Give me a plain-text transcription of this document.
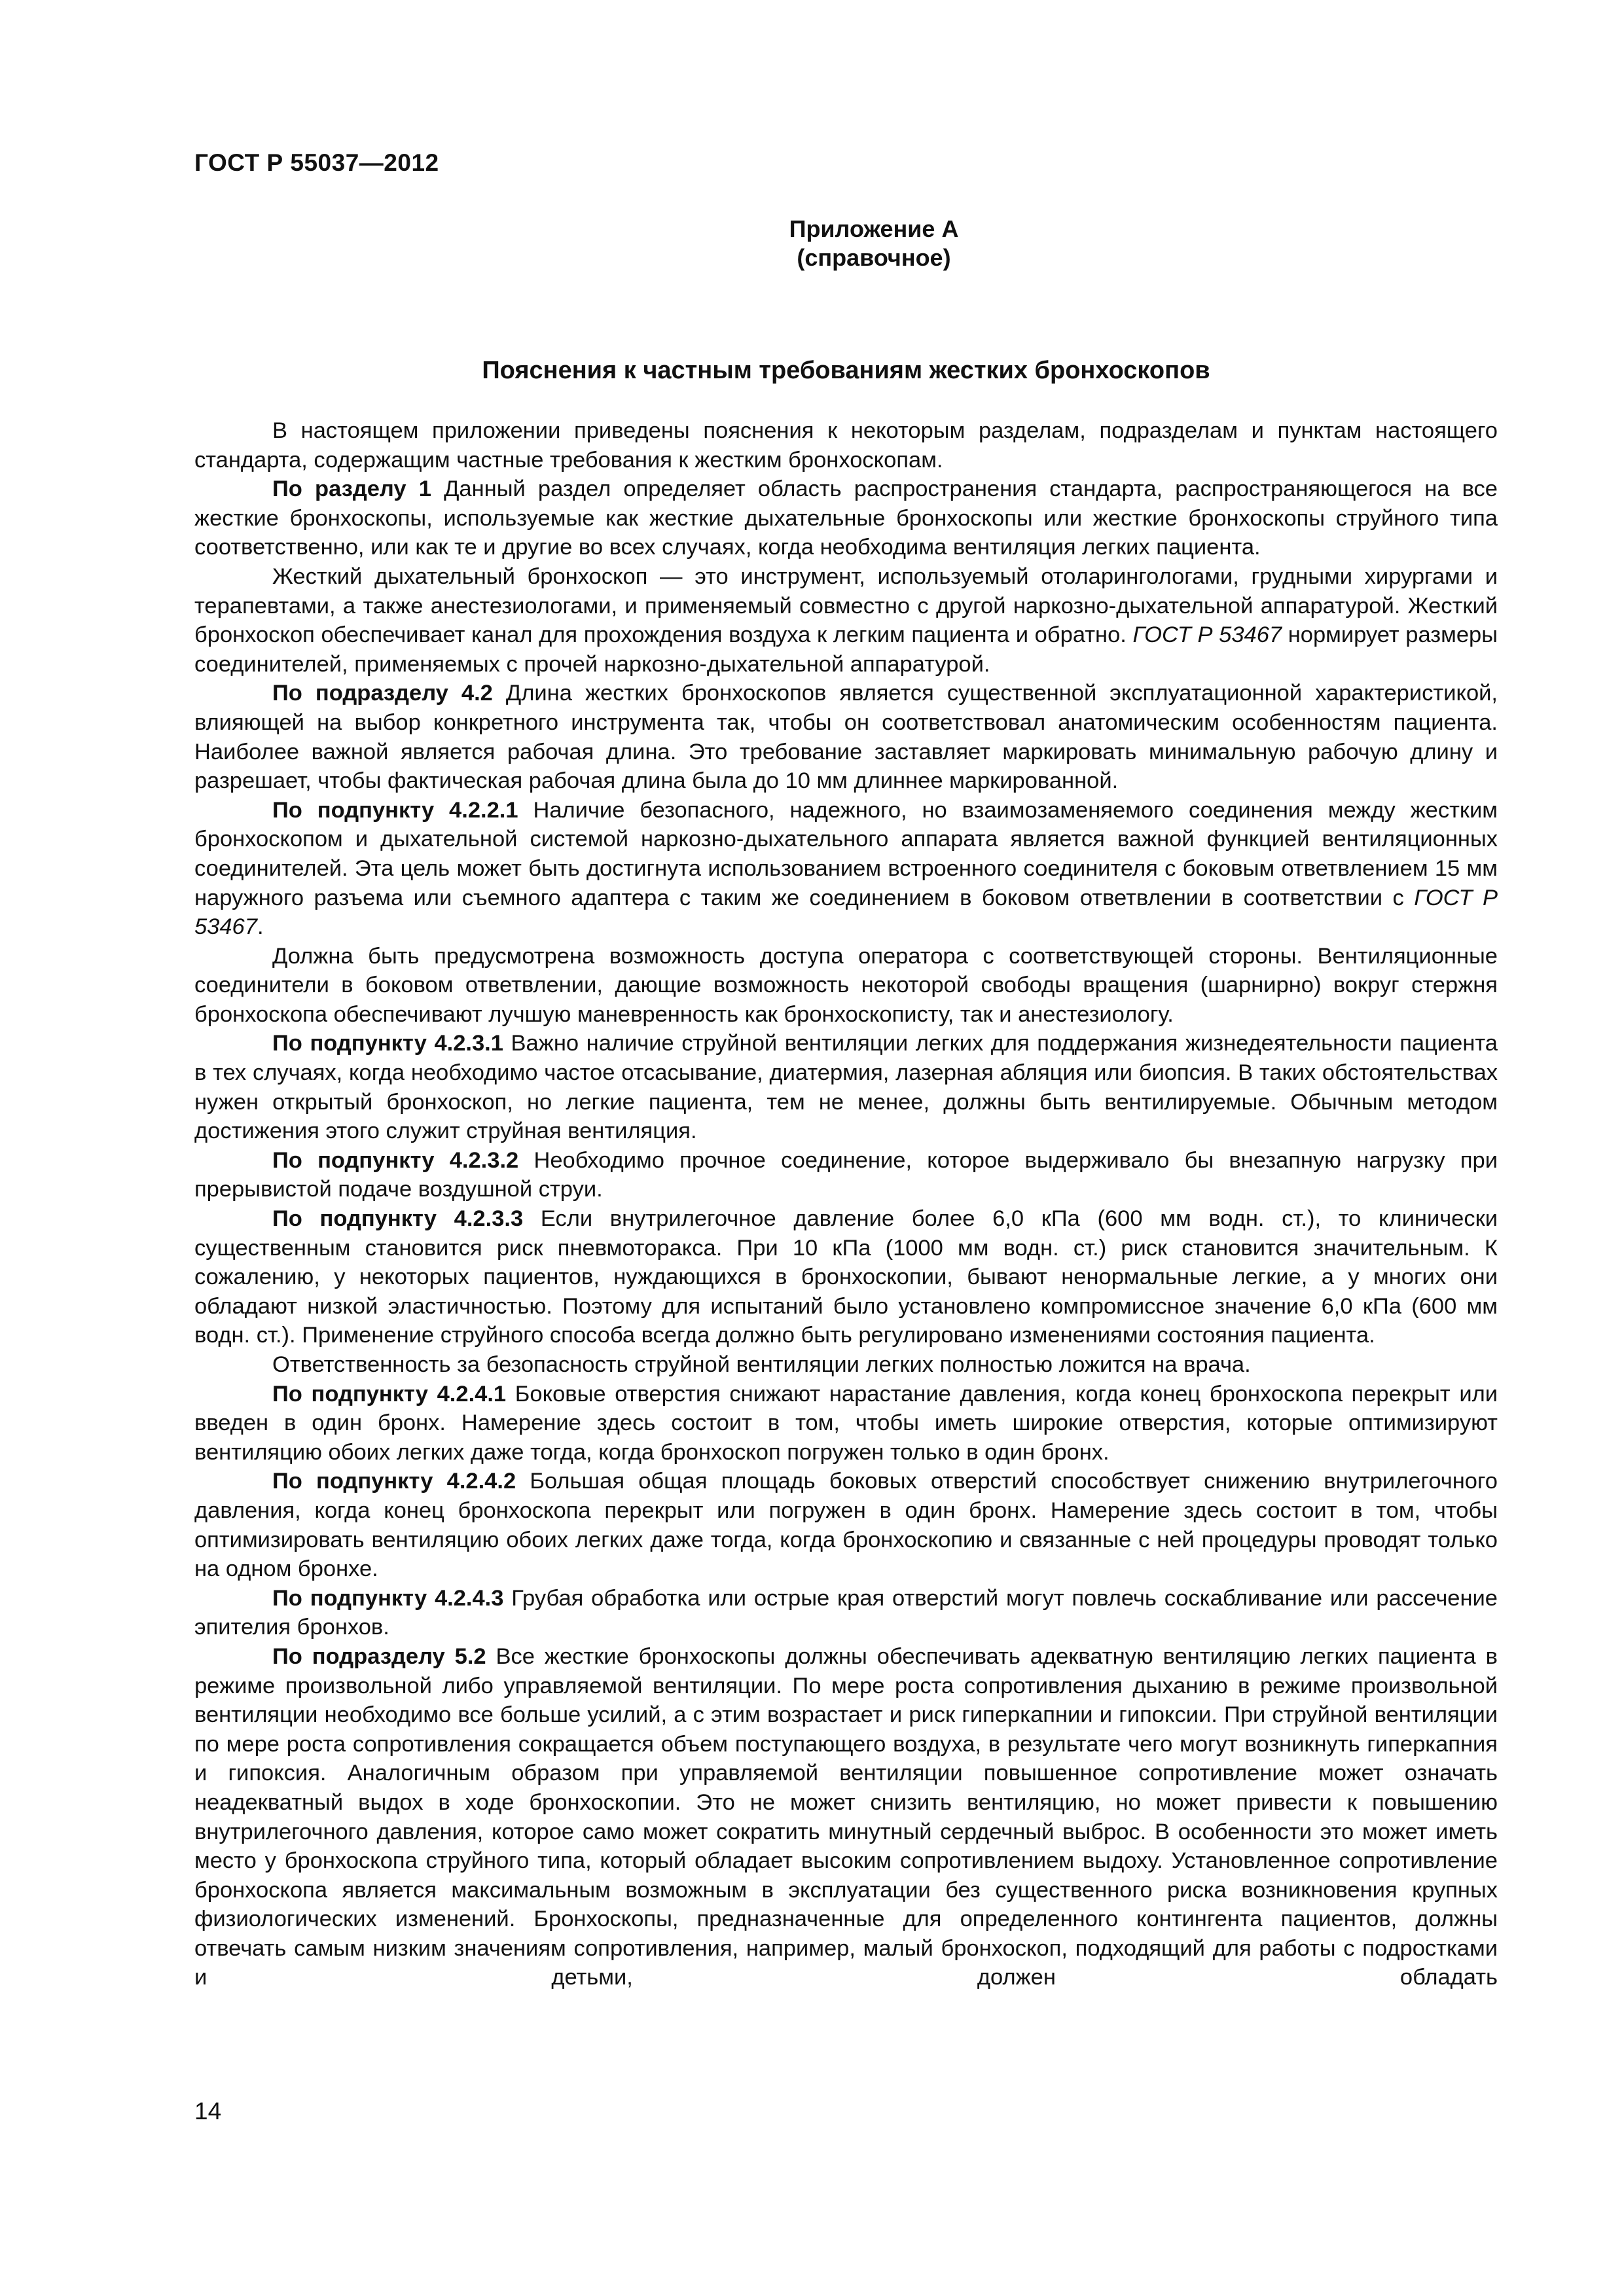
ГОСТ Р 55037—2012
Приложение А
(справочное)
Пояснения к частным требованиям жестких бронхоскопов

В настоящем приложении приведены пояснения к некоторым разделам, подразделам и пунктам настоящего стандарта, содержащим частные требования к жестким бронхоскопам.

По разделу 1 Данный раздел определяет область распространения стандарта, распространяющегося на все жесткие бронхоскопы, используемые как жесткие дыхательные бронхоскопы или жесткие бронхоскопы струйного типа соответственно, или как те и другие во всех случаях, когда необходима вентиляция легких пациента.

Жесткий дыхательный бронхоскоп — это инструмент, используемый отоларингологами, грудными хирургами и терапевтами, а также анестезиологами, и применяемый совместно с другой наркозно-дыхательной аппаратурой. Жесткий бронхоскоп обеспечивает канал для прохождения воздуха к легким пациента и обратно. ГОСТ Р 53467 нормирует размеры соединителей, применяемых с прочей наркозно-дыхательной аппаратурой.

По подразделу 4.2 Длина жестких бронхоскопов является существенной эксплуатационной характеристикой, влияющей на выбор конкретного инструмента так, чтобы он соответствовал анатомическим особенностям пациента. Наиболее важной является рабочая длина. Это требование заставляет маркировать минимальную рабочую длину и разрешает, чтобы фактическая рабочая длина была до 10 мм длиннее маркированной.

По подпункту 4.2.2.1 Наличие безопасного, надежного, но взаимозаменяемого соединения между жестким бронхоскопом и дыхательной системой наркозно-дыхательного аппарата является важной функцией вентиляционных соединителей. Эта цель может быть достигнута использованием встроенного соединителя с боковым ответвлением 15 мм наружного разъема или съемного адаптера с таким же соединением в боковом ответвлении в соответствии с ГОСТ Р 53467.

Должна быть предусмотрена возможность доступа оператора с соответствующей стороны. Вентиляционные соединители в боковом ответвлении, дающие возможность некоторой свободы вращения (шарнирно) вокруг стержня бронхоскопа обеспечивают лучшую маневренность как бронхоскописту, так и анестезиологу.

По подпункту 4.2.3.1 Важно наличие струйной вентиляции легких для поддержания жизнедеятельности пациента в тех случаях, когда необходимо частое отсасывание, диатермия, лазерная абляция или биопсия. В таких обстоятельствах нужен открытый бронхоскоп, но легкие пациента, тем не менее, должны быть вентилируемые. Обычным методом достижения этого служит струйная вентиляция.

По подпункту 4.2.3.2 Необходимо прочное соединение, которое выдерживало бы внезапную нагрузку при прерывистой подаче воздушной струи.

По подпункту 4.2.3.3 Если внутрилегочное давление более 6,0 кПа (600 мм водн. ст.), то клинически существенным становится риск пневмоторакса. При 10 кПа (1000 мм водн. ст.) риск становится значительным. К сожалению, у некоторых пациентов, нуждающихся в бронхоскопии, бывают ненормальные легкие, а у многих они обладают низкой эластичностью. Поэтому для испытаний было установлено компромиссное значение 6,0 кПа (600 мм водн. ст.). Применение струйного способа всегда должно быть регулировано изменениями состояния пациента.

Ответственность за безопасность струйной вентиляции легких полностью ложится на врача.

По подпункту 4.2.4.1 Боковые отверстия снижают нарастание давления, когда конец бронхоскопа перекрыт или введен в один бронх. Намерение здесь состоит в том, чтобы иметь широкие отверстия, которые оптимизируют вентиляцию обоих легких даже тогда, когда бронхоскоп погружен только в один бронх.

По подпункту 4.2.4.2 Большая общая площадь боковых отверстий способствует снижению внутрилегочного давления, когда конец бронхоскопа перекрыт или погружен в один бронх. Намерение здесь состоит в том, чтобы оптимизировать вентиляцию обоих легких даже тогда, когда бронхоскопию и связанные с ней процедуры проводят только на одном бронхе.

По подпункту 4.2.4.3 Грубая обработка или острые края отверстий могут повлечь соскабливание или рассечение эпителия бронхов.

По подразделу 5.2 Все жесткие бронхоскопы должны обеспечивать адекватную вентиляцию легких пациента в режиме произвольной либо управляемой вентиляции. По мере роста сопротивления дыханию в режиме произвольной вентиляции необходимо все больше усилий, а с этим возрастает и риск гиперкапнии и гипоксии. При струйной вентиляции по мере роста сопротивления сокращается объем поступающего воздуха, в результате чего могут возникнуть гиперкапния и гипоксия. Аналогичным образом при управляемой вентиляции повышенное сопротивление может означать неадекватный выдох в ходе бронхоскопии. Это не может снизить вентиляцию, но может привести к повышению внутрилегочного давления, которое само может сократить минутный сердечный выброс. В особенности это может иметь место у бронхоскопа струйного типа, который обладает высоким сопротивлением выдоху. Установленное сопротивление бронхоскопа является максимальным возможным в эксплуатации без существенного риска возникновения крупных физиологических изменений. Бронхоскопы, предназначенные для определенного контингента пациентов, должны отвечать самым низким значениям сопротивления, например, малый бронхоскоп, подходящий для работы с подростками и детьми, должен обладать

14
